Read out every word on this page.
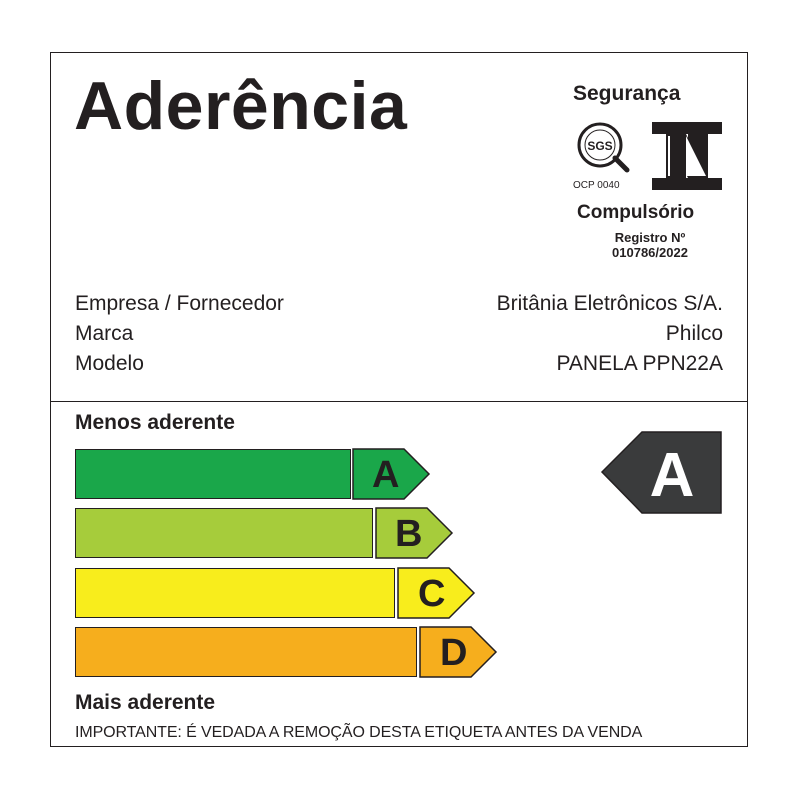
Aderência	Segurança
Compulsório
Registro Nº
010786/2022
SGS
OCP 0040
Empresa / Fornecedor
Marca
Modelo
Britânia Eletrônicos S/A.
Philco
PANELA PPN22A
Menos aderente
A
B
C
D
A
Mais aderente
IMPORTANTE: É VEDADA A REMOÇÃO DESTA ETIQUETA ANTES DA VENDA
